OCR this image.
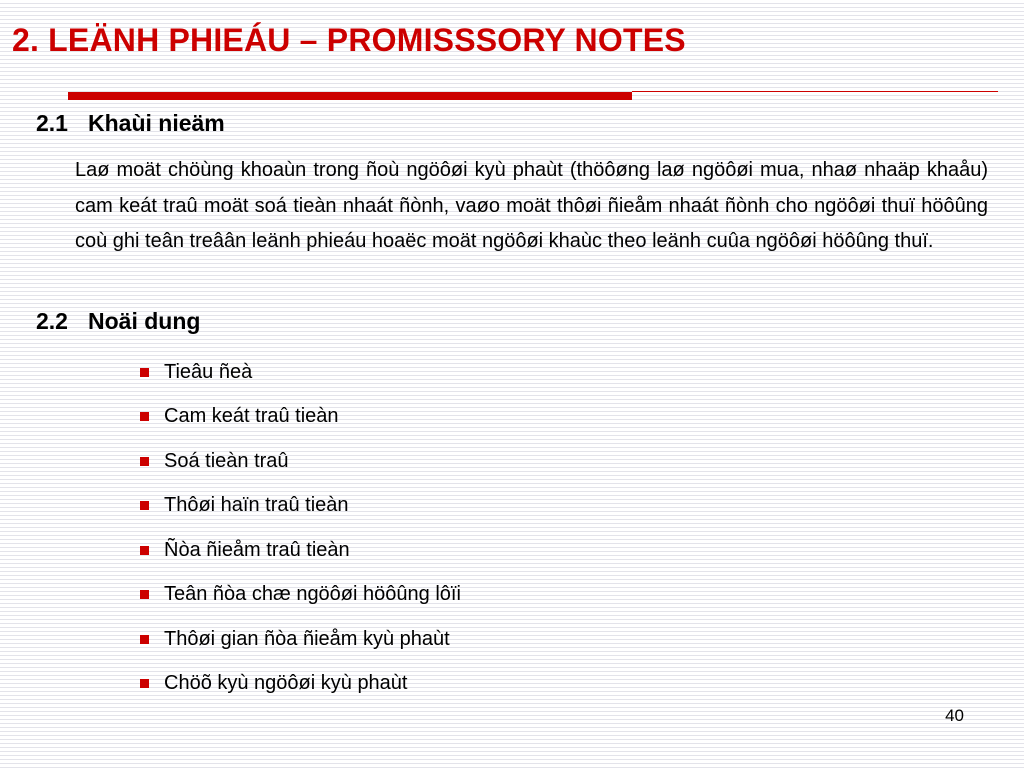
2. LEÄNH PHIEÁU – PROMISSSORY NOTES
2.1 Khaùi nieäm

Laø moät chöùng khoaùn trong ñoù ngöôøi kyù phaùt (thöôøng laø ngöôøi mua, nhaø nhaäp khaåu) cam keát traû moät soá tieàn nhaát ñònh, vaøo moät thôøi ñieåm nhaát ñònh cho ngöôøi thuï höôûng coù ghi teân treâân leänh phieáu hoaëc moät ngöôøi khaùc theo leänh cuûa ngöôøi höôûng thuï.

2.2 Noäi dung
Tieâu ñeà
Cam keát traû tieàn
Soá tieàn traû
Thôøi haïn traû tieàn
Ñòa ñieåm traû tieàn
Teân ñòa chæ ngöôøi höôûng lôïi
Thôøi gian ñòa ñieåm kyù phaùt
Chöõ kyù ngöôøi kyù phaùt
40
